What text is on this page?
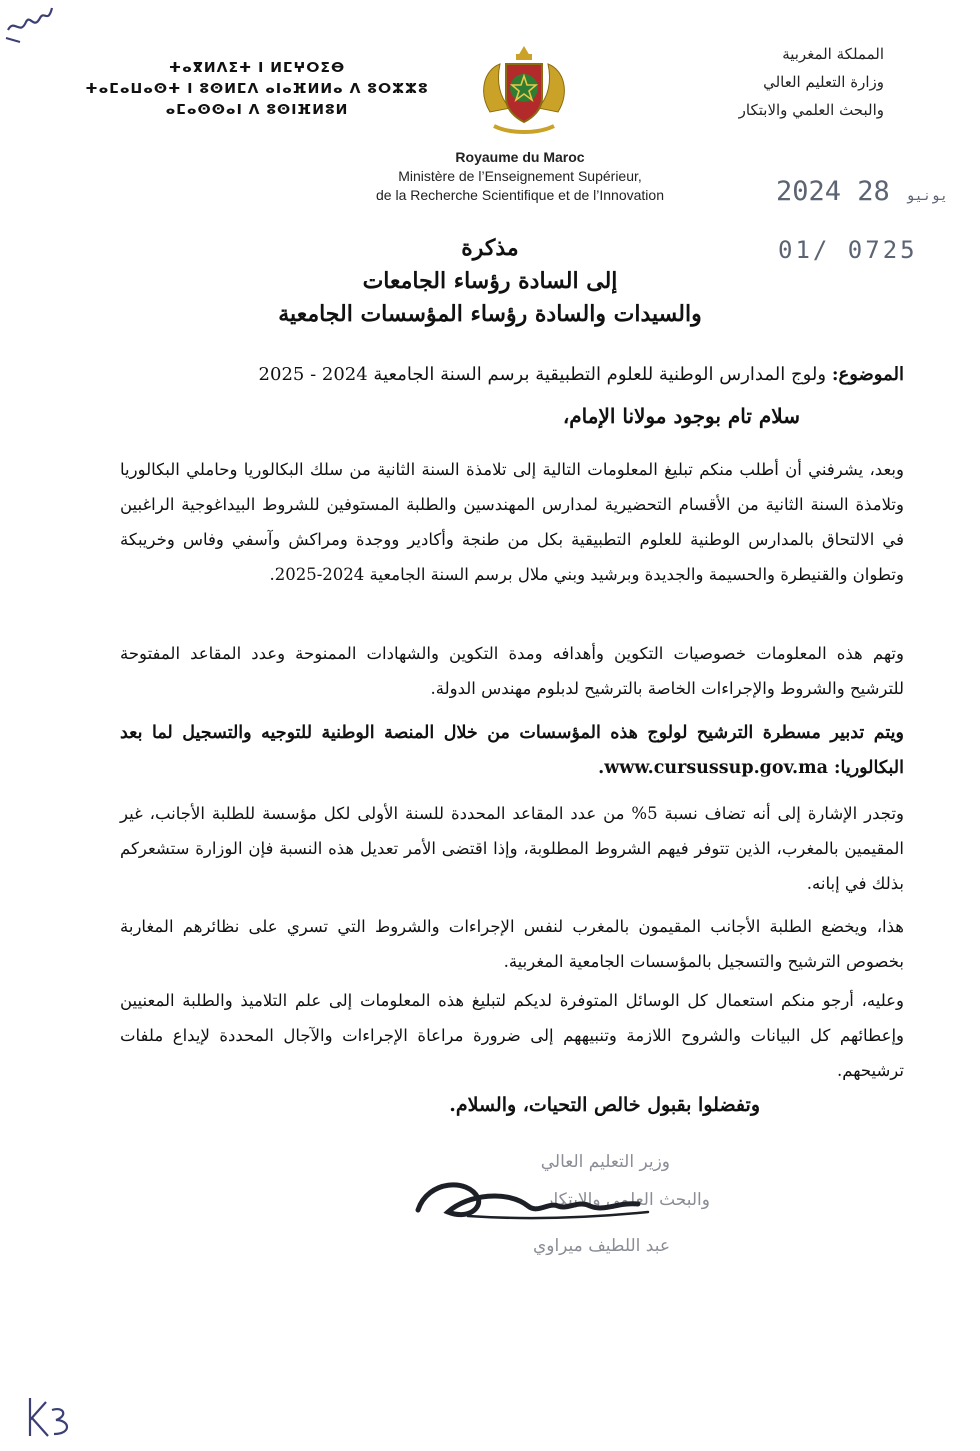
ⵜⴰⴳⵍⴷⵉⵜ ⵏ ⵍⵎⵖⵔⵉⴱ
ⵜⴰⵎⴰⵡⴰⵙⵜ ⵏ ⵓⵙⵍⵎⴷ ⴰⵏⴰⴼⵍⵍⴰ ⴷ ⵓⵔⵣⵣⵓ
ⴰⵎⴰⵙⵙⴰⵏ ⴷ ⵓⵙⵏⴼⵍⵓⵍ
المملكة المغربية
وزارة التعليم العالي
والبحث العلمي والابتكار
Royaume du Maroc
Ministère de l’Enseignement Supérieur,
de la Recherche Scientifique et de l’Innovation	2024	يونيو 28
01/ 0725
مذكرة
إلى السادة رؤساء الجامعات
والسيدات والسادة رؤساء المؤسسات الجامعية
الموضوع: ولوج المدارس الوطنية للعلوم التطبيقية برسم السنة الجامعية 2024 - 2025
سلام تام بوجود مولانا الإمام،
وبعد، يشرفني أن أطلب منكم تبليغ المعلومات التالية إلى تلامذة السنة الثانية من سلك البكالوريا وحاملي البكالوريا وتلامذة السنة الثانية من الأقسام التحضيرية لمدارس المهندسين والطلبة المستوفين للشروط البيداغوجية الراغبين في الالتحاق بالمدارس الوطنية للعلوم التطبيقية بكل من طنجة وأكادير ووجدة ومراكش وآسفي وفاس وخريبكة وتطوان والقنيطرة والحسيمة والجديدة وبرشيد وبني ملال برسم السنة الجامعية 2024-2025.
وتهم هذه المعلومات خصوصيات التكوين وأهدافه ومدة التكوين والشهادات الممنوحة وعدد المقاعد المفتوحة للترشيح والشروط والإجراءات الخاصة بالترشيح لدبلوم مهندس الدولة.
ويتم تدبير مسطرة الترشيح لولوج هذه المؤسسات من خلال المنصة الوطنية للتوجيه والتسجيل لما بعد البكالوريا: www.cursussup.gov.ma.
وتجدر الإشارة إلى أنه تضاف نسبة 5% من عدد المقاعد المحددة للسنة الأولى لكل مؤسسة للطلبة الأجانب، غير المقيمين بالمغرب، الذين تتوفر فيهم الشروط المطلوبة، وإذا اقتضى الأمر تعديل هذه النسبة فإن الوزارة ستشعركم بذلك في إبانه.
هذا، ويخضع الطلبة الأجانب المقيمون بالمغرب لنفس الإجراءات والشروط التي تسري على نظائرهم المغاربة بخصوص الترشيح والتسجيل بالمؤسسات الجامعية المغربية.
وعليه، أرجو منكم استعمال كل الوسائل المتوفرة لديكم لتبليغ هذه المعلومات إلى علم التلاميذ والطلبة المعنيين وإعطائهم كل البيانات والشروح اللازمة وتنبيههم إلى ضرورة مراعاة الإجراءات والآجال المحددة لإيداع ملفات ترشيحهم.
وتفضلوا بقبول خالص التحيات، والسلام.
وزير التعليم العالي
والبحث العلمي والابتكار
عبد اللطيف ميراوي
